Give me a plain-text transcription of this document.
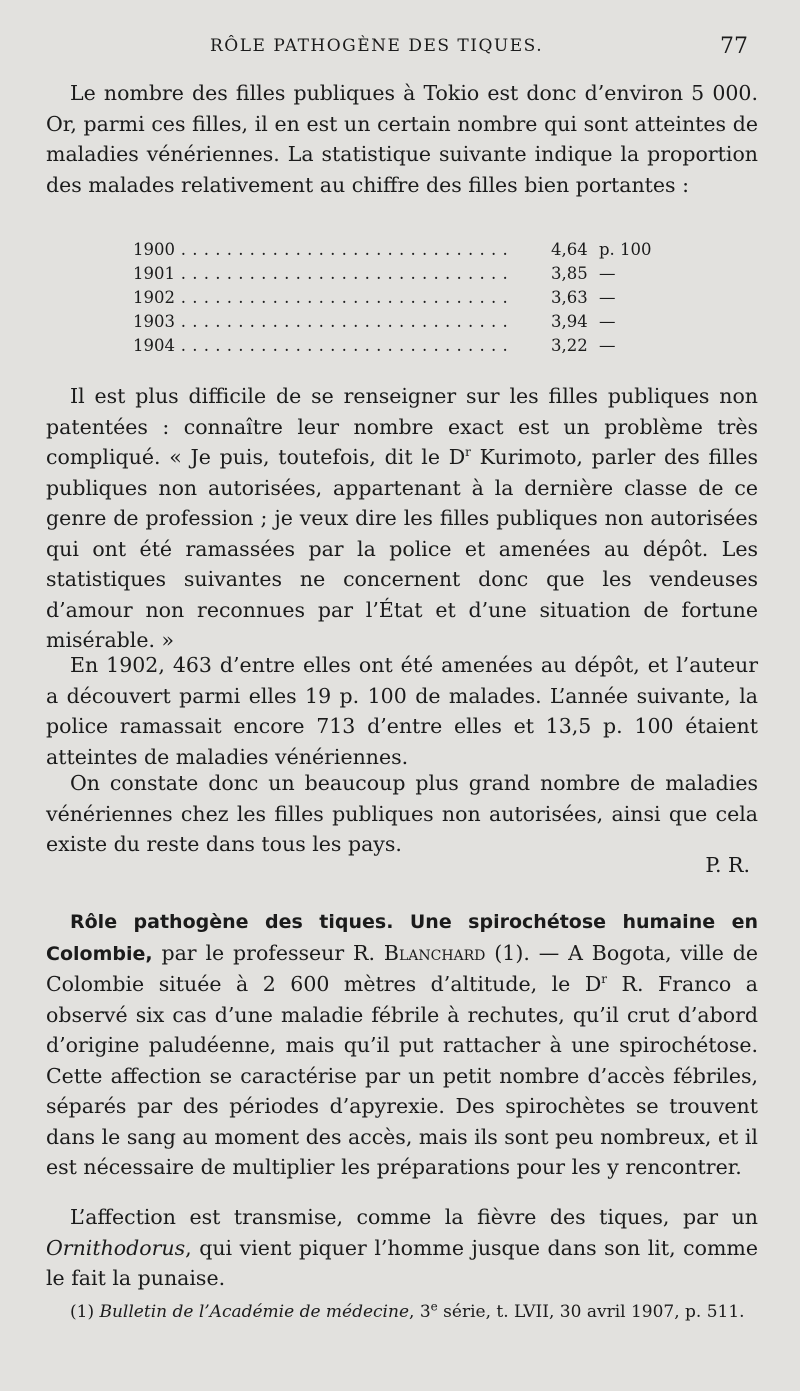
RÔLE PATHOGÈNE DES TIQUES.	77

Le nombre des filles publiques à Tokio est donc d’environ 5 000. Or, parmi ces filles, il en est un certain nombre qui sont atteintes de maladies vénériennes. La statistique suivante indique la proportion des malades relativement au chiffre des filles bien portantes :

1900 . . .	4,64 p. 100
1901 . . .	3,85 —
1902 . . .	3,63 —
1903 . . .	3,94 —
1904 . . .	3,22 —

Il est plus difficile de se renseigner sur les filles publiques non patentées : connaître leur nombre exact est un problème très compliqué. « Je puis, toutefois, dit le $D^r$ Kurimoto, parler des filles publiques non autorisées, appartenant à la dernière classe de ce genre de profession ; je veux dire les filles publiques non autorisées qui ont été ramassées par la police et amenées au dépôt. Les statistiques suivantes ne concernent donc que les vendeuses d’amour non reconnues par l’État et d’une situation de fortune misérable. »

En 1902, 463 d’entre elles ont été amenées au dépôt, et l’auteur a découvert parmi elles 19 p. 100 de malades. L’année suivante, la police ramassait encore 713 d’entre elles et 13,5 p. 100 étaient atteintes de maladies vénériennes.

On constate donc un beaucoup plus grand nombre de maladies vénériennes chez les filles publiques non autorisées, ainsi que cela existe du reste dans tous les pays.

P. R.

Rôle pathogène des tiques. Une spirochétose humaine en Colombie, par le professeur R. Blanchard (1). — A Bogota, ville de Colombie située à 2 600 mètres d’altitude, le $D^r$ R. Franco a observé six cas d’une maladie fébrile à rechutes, qu’il crut d’abord d’origine paludéenne, mais qu’il put rattacher à une spirochétose. Cette affection se caractérise par un petit nombre d’accès fébriles, séparés par des périodes d’apyrexie. Des spirochètes se trouvent dans le sang au moment des accès, mais ils sont peu nombreux, et il est nécessaire de multiplier les préparations pour les y rencontrer.

L’affection est transmise, comme la fièvre des tiques, par un Ornithodorus, qui vient piquer l’homme jusque dans son lit, comme le fait la punaise.

(1) Bulletin de l’Académie de médecine, 3e série, t. LVII, 30 avril 1907, p. 511.
